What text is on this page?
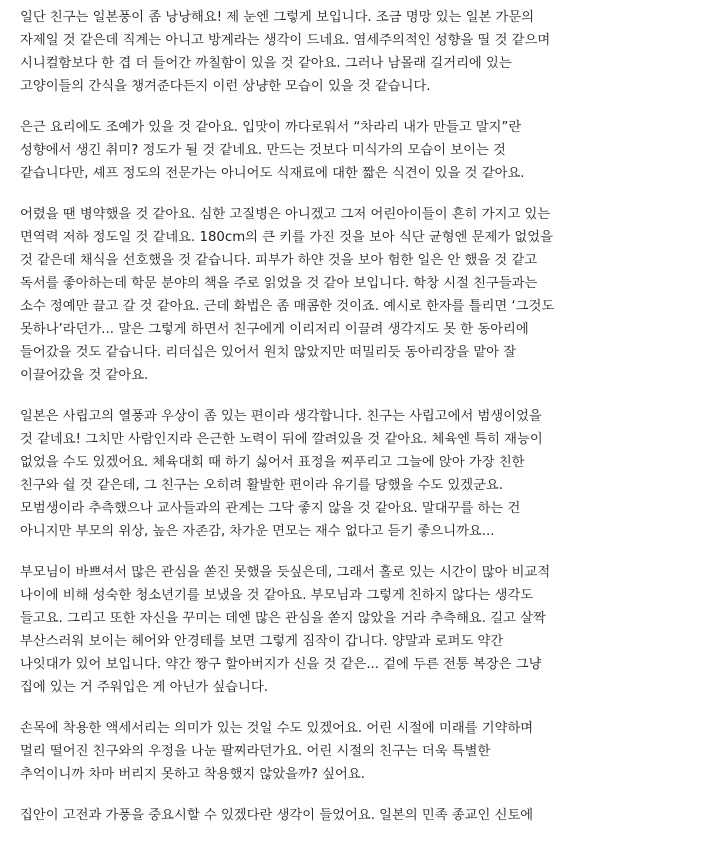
일단 친구는 일본풍이 좀 낭낭해요! 제 눈엔 그렇게 보입니다. 조금 명망 있는 일본 가문의
자제일 것 같은데 직계는 아니고 방계라는 생각이 드네요. 염세주의적인 성향을 띨 것 같으며
시니컬함보다 한 겹 더 들어간 까칠함이 있을 것 같아요. 그러나 남몰래 길거리에 있는
고양이들의 간식을 챙겨준다든지 이런 상냥한 모습이 있을 것 같습니다.
은근 요리에도 조예가 있을 것 같아요. 입맛이 까다로워서 “차라리 내가 만들고 말지”란
성향에서 생긴 취미? 정도가 될 것 같네요. 만드는 것보다 미식가의 모습이 보이는 것
같습니다만, 셰프 정도의 전문가는 아니어도 식재료에 대한 짧은 식견이 있을 것 같아요.
어렸을 땐 병약했을 것 같아요. 심한 고질병은 아니겠고 그저 어린아이들이 흔히 가지고 있는
면역력 저하 정도일 것 같네요. 180cm의 큰 키를 가진 것을 보아 식단 균형엔 문제가 없었을
것 같은데 채식을 선호했을 것 같습니다. 피부가 하얀 것을 보아 험한 일은 안 했을 것 같고
독서를 좋아하는데 학문 분야의 책을 주로 읽었을 것 같아 보입니다. 학창 시절 친구들과는
소수 정예만 끌고 갈 것 같아요. 근데 화법은 좀 매콤한 것이죠. 예시로 한자를 틀리면 ‘그것도
못하나’라던가... 말은 그렇게 하면서 친구에게 이리저리 이끌려 생각지도 못 한 동아리에
들어갔을 것도 같습니다. 리더십은 있어서 원치 않았지만 떠밀리듯 동아리장을 맡아 잘
이끌어갔을 것 같아요.
일본은 사립고의 열풍과 우상이 좀 있는 편이라 생각합니다. 친구는 사립고에서 범생이었을
것 같네요! 그치만 사람인지라 은근한 노력이 뒤에 깔려있을 것 같아요. 체육엔 특히 재능이
없었을 수도 있겠어요. 체육대회 때 하기 싫어서 표정을 찌푸리고 그늘에 앉아 가장 친한
친구와 쉴 것 같은데, 그 친구는 오히려 활발한 편이라 유기를 당했을 수도 있겠군요.
모범생이라 추측했으나 교사들과의 관계는 그닥 좋지 않을 것 같아요. 말대꾸를 하는 건
아니지만 부모의 위상, 높은 자존감, 차가운 면모는 재수 없다고 듣기 좋으니까요...
부모님이 바쁘셔서 많은 관심을 쏟진 못했을 듯싶은데, 그래서 홀로 있는 시간이 많아 비교적
나이에 비해 성숙한 청소년기를 보냈을 것 같아요. 부모님과 그렇게 친하지 않다는 생각도
들고요. 그리고 또한 자신을 꾸미는 데엔 많은 관심을 쏟지 않았을 거라 추측해요. 길고 살짝
부산스러워 보이는 헤어와 안경테를 보면 그렇게 짐작이 갑니다. 양말과 로퍼도 약간
나잇대가 있어 보입니다. 약간 짱구 할아버지가 신을 것 같은... 겉에 두른 전통 복장은 그냥
집에 있는 거 주워입은 게 아닌가 싶습니다.
손목에 착용한 액세서리는 의미가 있는 것일 수도 있겠어요. 어린 시절에 미래를 기약하며
멀리 떨어진 친구와의 우정을 나눈 팔찌라던가요. 어린 시절의 친구는 더욱 특별한
추억이니까 차마 버리지 못하고 착용했지 않았을까? 싶어요.
집안이 고전과 가풍을 중요시할 수 있겠다란 생각이 들었어요. 일본의 민족 종교인 신토에
